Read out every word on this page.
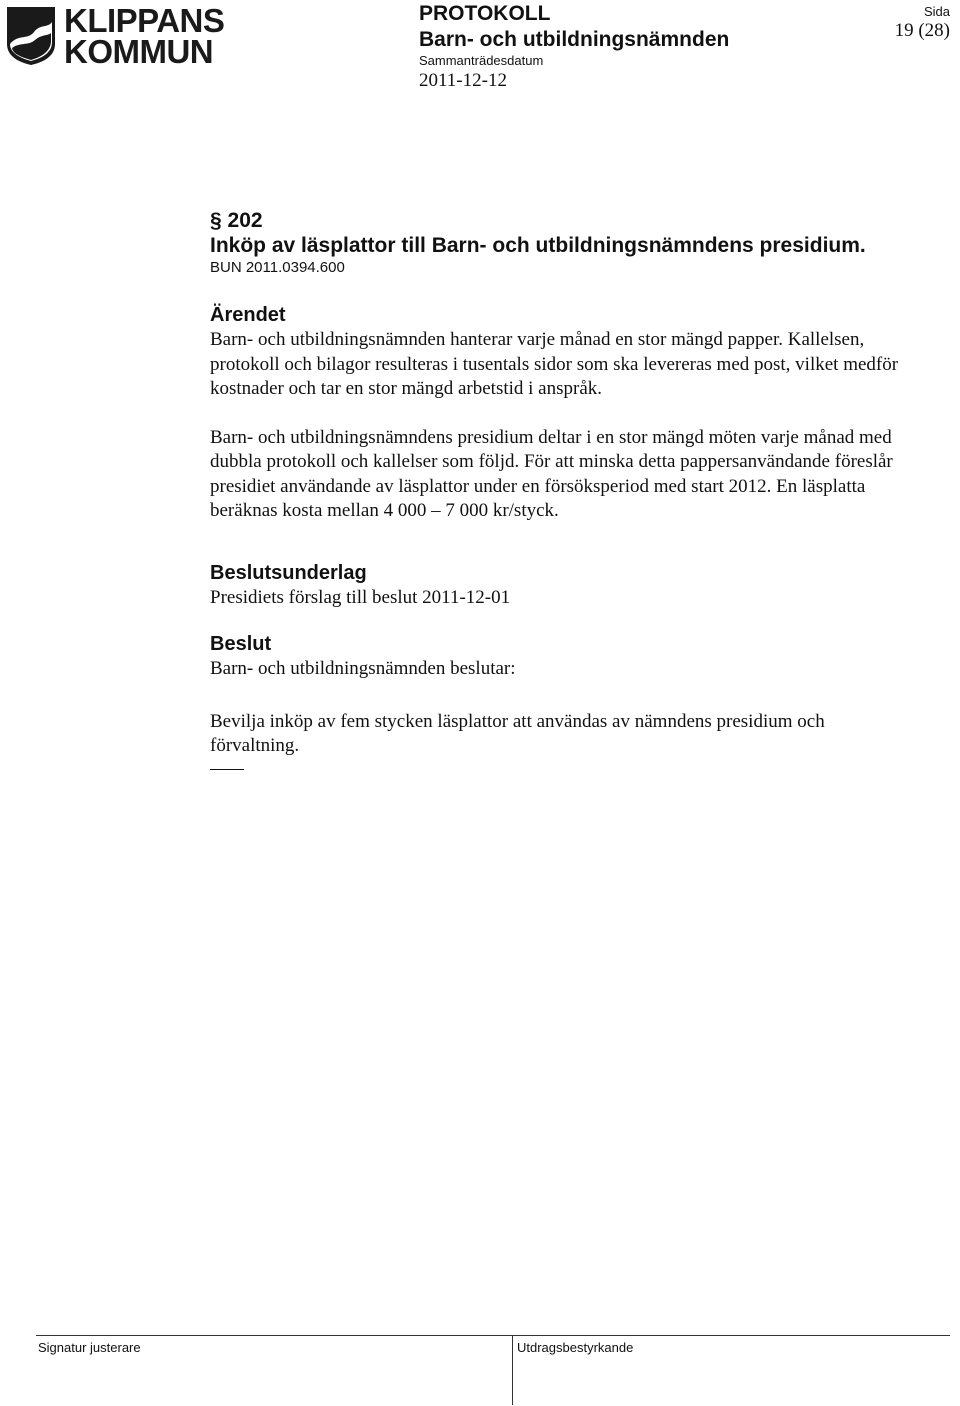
KLIPPANS
KOMMUN
PROTOKOLL
Barn- och utbildningsnämnden
Sammanträdesdatum
2011-12-12
Sida
19 (28)
§ 202
Inköp av läsplattor till Barn- och utbildningsnämndens presidium.
BUN 2011.0394.600
Ärendet

Barn- och utbildningsnämnden hanterar varje månad en stor mängd papper. Kallelsen, protokoll och bilagor resulteras i tusentals sidor som ska levereras med post, vilket medför kostnader och tar en stor mängd arbetstid i anspråk.

Barn- och utbildningsnämndens presidium deltar i en stor mängd möten varje månad med dubbla protokoll och kallelser som följd. För att minska detta pappersanvändande föreslår presidiet användande av läsplattor under en försöksperiod med start 2012. En läsplatta beräknas kosta mellan 4 000 – 7 000 kr/styck.

Beslutsunderlag

Presidiets förslag till beslut 2011-12-01

Beslut

Barn- och utbildningsnämnden beslutar:

Bevilja inköp av fem stycken läsplattor att användas av nämndens presidium och förvaltning.

Signatur justerare	Utdragsbestyrkande
